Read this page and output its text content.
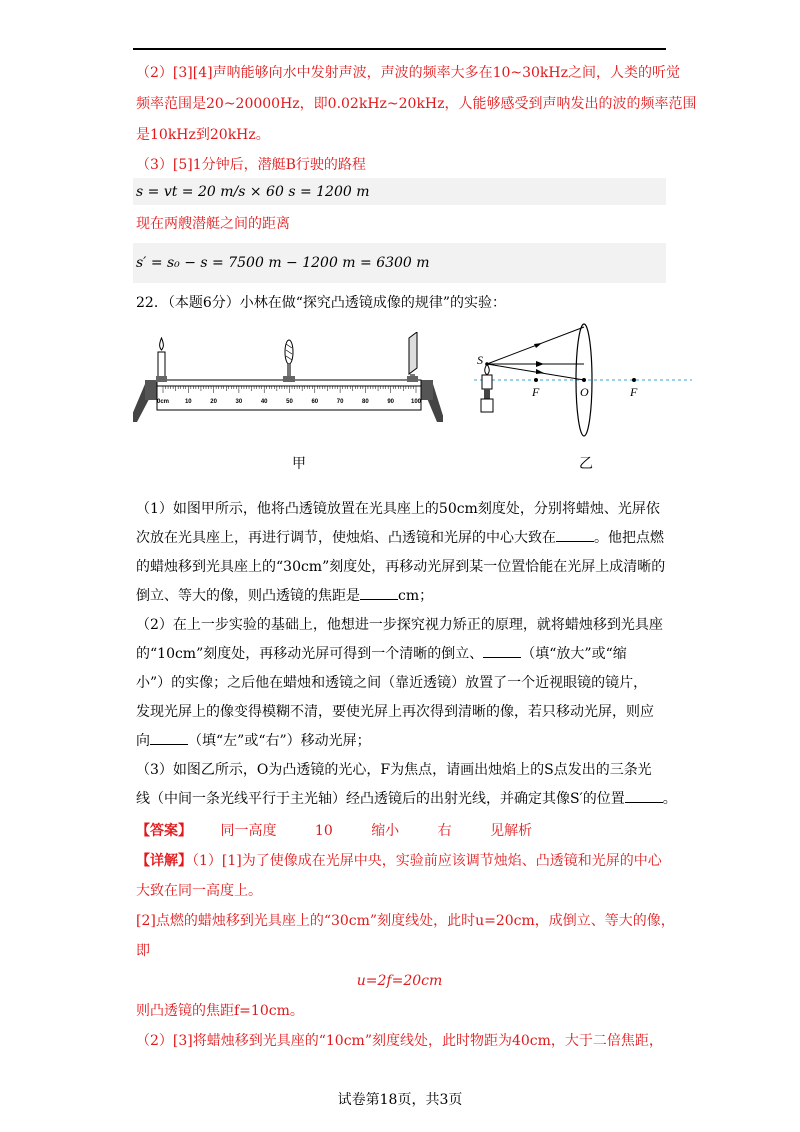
（2）[3][4]声呐能够向水中发射声波，声波的频率大多在10~30kHz之间，人类的听觉
频率范围是20~20000Hz，即0.02kHz~20kHz，人能够感受到声呐发出的波的频率范围
是10kHz到20kHz。
（3）[5]1分钟后，潜艇B行驶的路程
s = vt = 20 m/s × 60 s = 1200 m
现在两艘潜艇之间的距离
s′ = s₀ − s = 7500 m − 1200 m = 6300 m
22．（本题6分）小林在做“探究凸透镜成像的规律”的实验：
0cm	10	20	30	40	50	60	70	80	90	100
甲
S
F	O	F
乙
（1）如图甲所示，他将凸透镜放置在光具座上的50cm刻度处，分别将蜡烛、光屏依
次放在光具座上，再进行调节，使烛焰、凸透镜和光屏的中心大致在	。他把点燃
的蜡烛移到光具座上的“30cm”刻度处，再移动光屏到某一位置恰能在光屏上成清晰的
倒立、等大的像，则凸透镜的焦距是	cm；
（2）在上一步实验的基础上，他想进一步探究视力矫正的原理，就将蜡烛移到光具座
的“10cm”刻度处，再移动光屏可得到一个清晰的倒立、	（填“放大”或“缩
小”）的实像；之后他在蜡烛和透镜之间（靠近透镜）放置了一个近视眼镜的镜片，
发现光屏上的像变得模糊不清，要使光屏上再次得到清晰的像，若只移动光屏，则应
向	（填“左”或“右”）移动光屏；
（3）如图乙所示，O为凸透镜的光心，F为焦点，请画出烛焰上的S点发出的三条光
线（中间一条光线平行于主光轴）经凸透镜后的出射光线，并确定其像S′的位置	。
【答案】 同一高度	10	缩小	右	见解析
【详解】（1）[1]为了使像成在光屏中央，实验前应该调节烛焰、凸透镜和光屏的中心
大致在同一高度上。
[2]点燃的蜡烛移到光具座上的“30cm”刻度线处，此时u=20cm，成倒立、等大的像，
即
u=2f=20cm
则凸透镜的焦距f=10cm。
（2）[3]将蜡烛移到光具座的“10cm”刻度线处，此时物距为40cm，大于二倍焦距，
试卷第18页，共3页
